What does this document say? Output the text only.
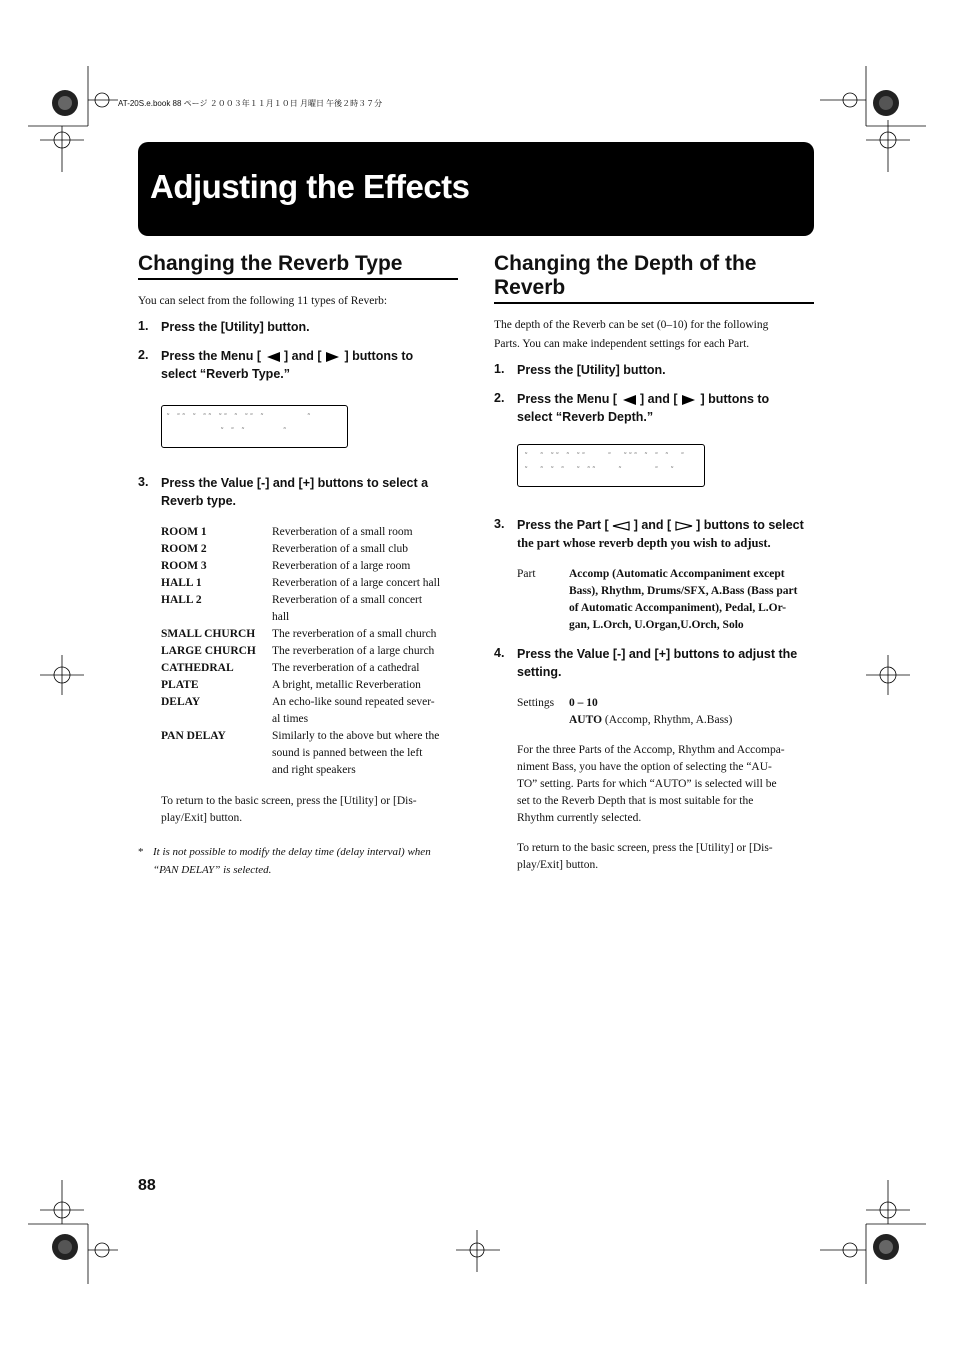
AT-20S.e.book 88 ページ ２００３年１１月１０日 月曜日 午後２時３７分
Adjusting the Effects
Changing the Reverb Type
You can select from the following 11 types of Reverb:
1. Press the [Utility] button.
2. Press the Menu [ ] and [ ] buttons to
select “Reverb Type.”
˜ ˜˜ ˜ ˜˜ ˜˜ ˜ ˜˜ ˜        ˜
˜ ˜ ˜       ˜
3. Press the Value [-] and [+] buttons to select a
Reverb type.
ROOM 1	Reverberation of a small room
ROOM 2	Reverberation of a small club
ROOM 3	Reverberation of a large room
HALL 1	Reverberation of a large concert hall
HALL 2	Reverberation of a small concert
hall
SMALL CHURCH	The reverberation of a small church
LARGE CHURCH	The reverberation of a large church
CATHEDRAL	The reverberation of a cathedral
PLATE	A bright, metallic Reverberation
DELAY	An echo-like sound repeated sever-
al times
PAN DELAY	Similarly to the above but where the
sound is panned between the left
and right speakers
To return to the basic screen, press the [Utility] or [Dis-
play/Exit] button.
* It is not possible to modify the delay time (delay interval) when
“PAN DELAY” is selected.
Changing the Depth of the
Reverb
The depth of the Reverb can be set (0–10) for the following
Parts. You can make independent settings for each Part.
1. Press the [Utility] button.
2. Press the Menu [ ] and [ ] buttons to
select “Reverb Depth.”
˜  ˜ ˜˜ ˜ ˜˜    ˜  ˜˜˜ ˜ ˜ ˜  ˜
˜  ˜ ˜ ˜  ˜ ˜˜    ˜      ˜  ˜
3. Press the Part [ ] and [ ] buttons to select
the part whose reverb depth you wish to adjust.
Part	Accomp (Automatic Accompaniment except
Bass), Rhythm, Drums/SFX, A.Bass (Bass part
of Automatic Accompaniment), Pedal, L.Or-
gan, L.Orch, U.Organ,U.Orch, Solo
4. Press the Value [-] and [+] buttons to adjust the
setting.
Settings 0 – 10
AUTO (Accomp, Rhythm, A.Bass)
For the three Parts of the Accomp, Rhythm and Accompa-
niment Bass, you have the option of selecting the “AU-
TO” setting. Parts for which “AUTO” is selected will be
set to the Reverb Depth that is most suitable for the
Rhythm currently selected.
To return to the basic screen, press the [Utility] or [Dis-
play/Exit] button.
88
